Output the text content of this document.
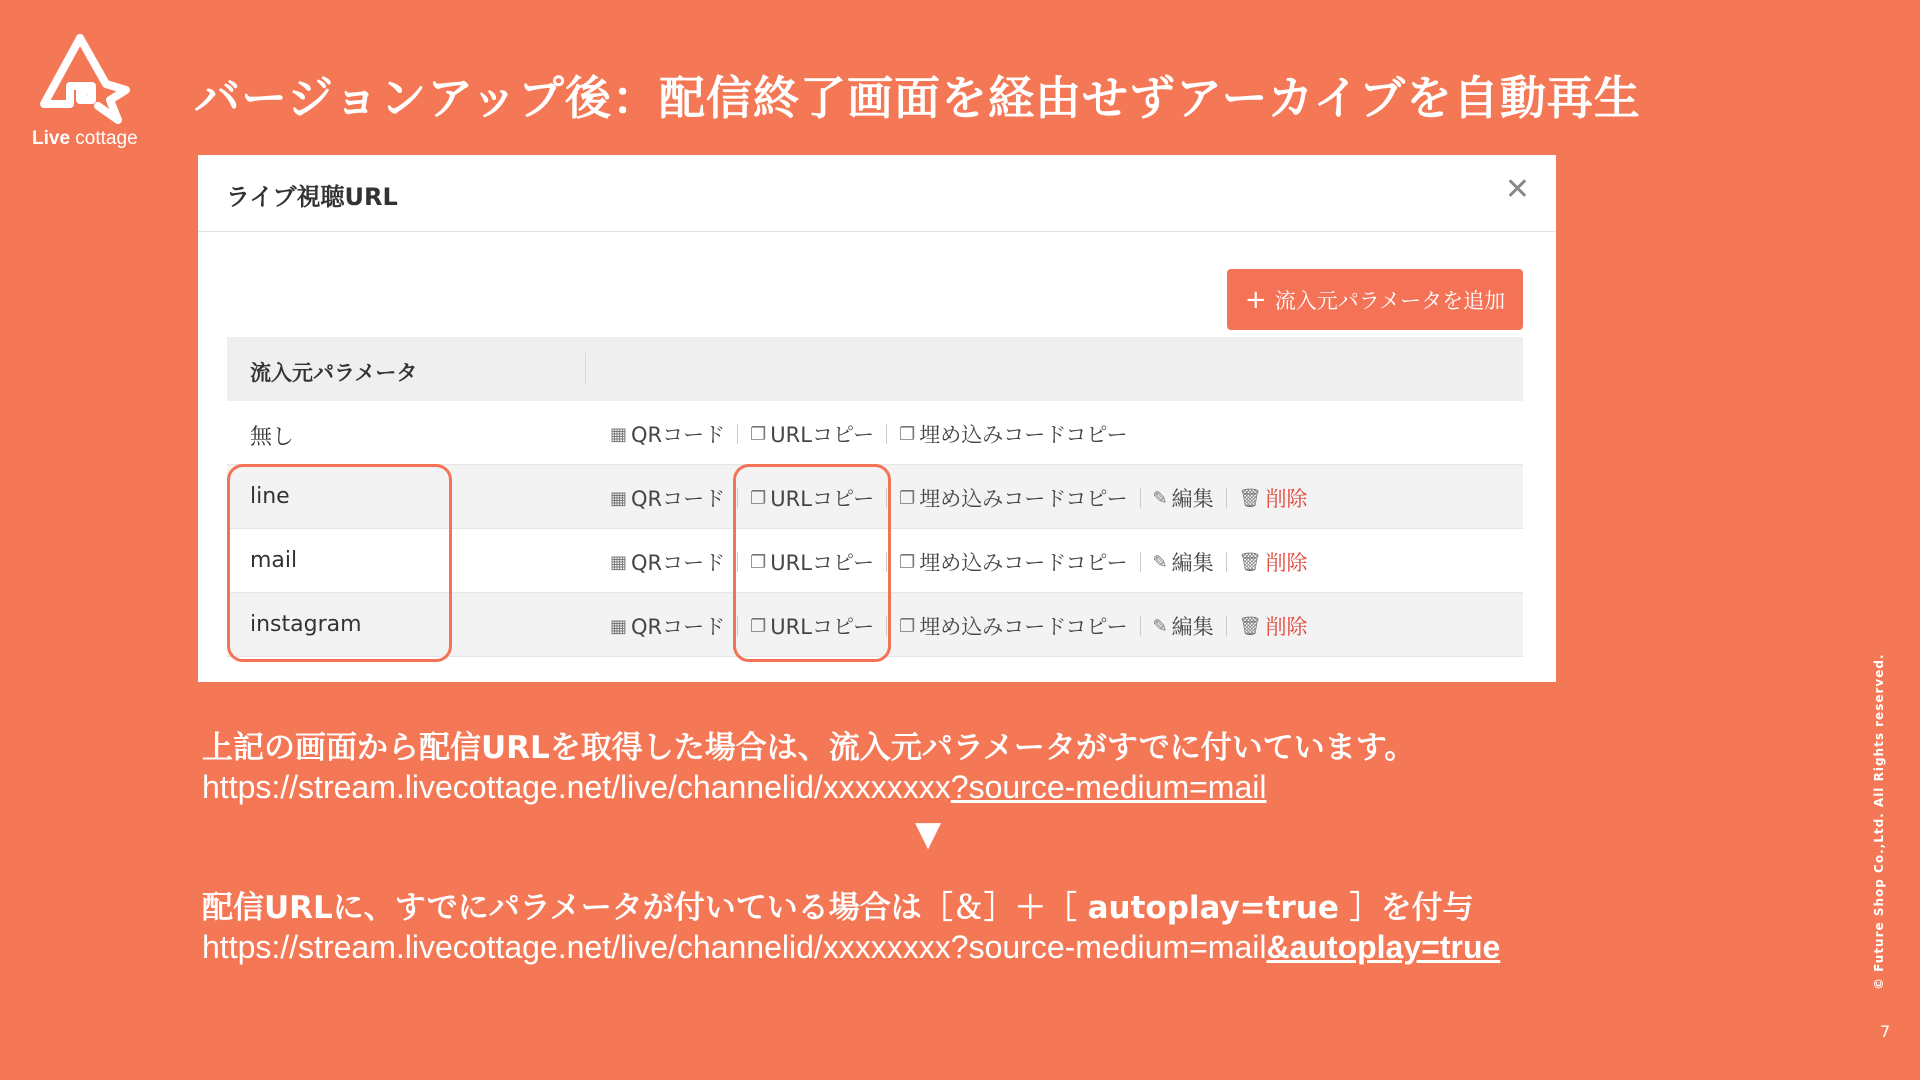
Live cottage
バージョンアップ後：配信終了画面を経由せずアーカイブを自動再生
ライブ視聴URL	✕
+ 流入元パラメータを追加
流入元パラメータ
無し	▦ QRコード ❐ URLコピー ❐ 埋め込みコードコピー
line	▦ QRコード ❐ URLコピー ❐ 埋め込みコードコピー ✎ 編集 🗑 削除
mail	▦ QRコード ❐ URLコピー ❐ 埋め込みコードコピー ✎ 編集 🗑 削除
instagram	▦ QRコード ❐ URLコピー ❐ 埋め込みコードコピー ✎ 編集 🗑 削除
上記の画面から配信URLを取得した場合は、流入元パラメータがすでに付いています。
https://stream.livecottage.net/live/channelid/xxxxxxxx?source-medium=mail
▼
配信URLに、すでにパラメータが付いている場合は［＆］＋［ autoplay=true ］を付与
https://stream.livecottage.net/live/channelid/xxxxxxxx?source-medium=mail&autoplay=true	© Future Shop Co.,Ltd. All Rights reserved.
7
